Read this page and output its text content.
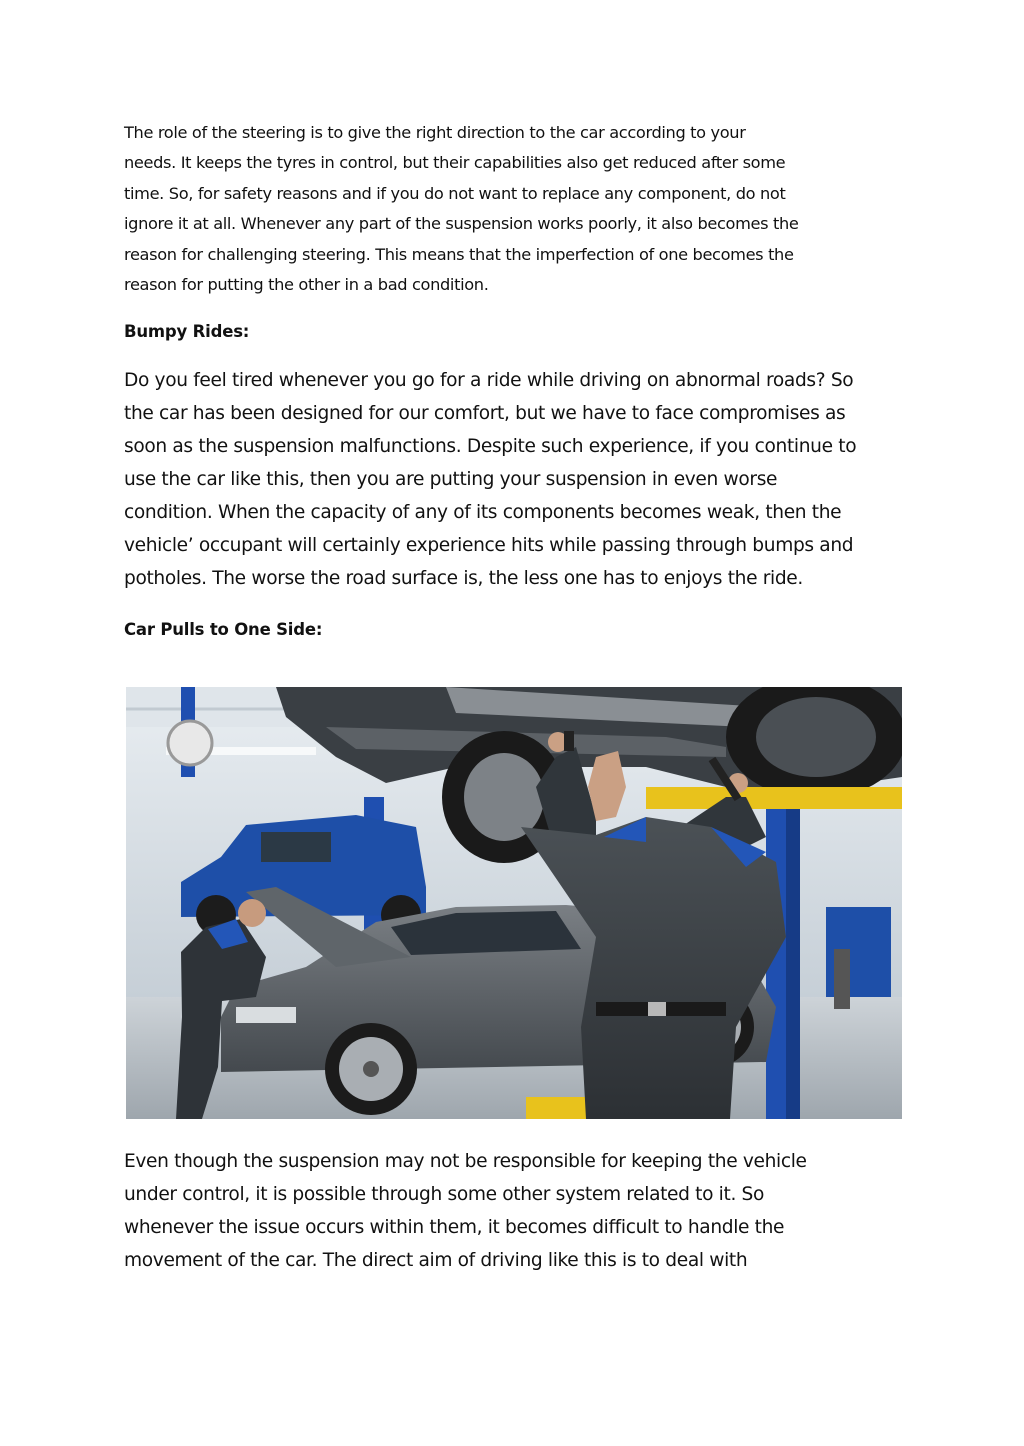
The role of the steering is to give the right direction to the car according to your
needs. It keeps the tyres in control, but their capabilities also get reduced after some
time. So, for safety reasons and if you do not want to replace any component, do not
ignore it at all. Whenever any part of the suspension works poorly, it also becomes the
reason for challenging steering. This means that the imperfection of one becomes the
reason for putting the other in a bad condition.

Bumpy Rides:

Do you feel tired whenever you go for a ride while driving on abnormal roads? So
the car has been designed for our comfort, but we have to face compromises as
soon as the suspension malfunctions. Despite such experience, if you continue to
use the car like this, then you are putting your suspension in even worse
condition. When the capacity of any of its components becomes weak, then the
vehicle’ occupant will certainly experience hits while passing through bumps and
potholes. The worse the road surface is, the less one has to enjoys the ride.

Car Pulls to One Side:

Even though the suspension may not be responsible for keeping the vehicle
under control, it is possible through some other system related to it. So
whenever the issue occurs within them, it becomes difficult to handle the
movement of the car. The direct aim of driving like this is to deal with
